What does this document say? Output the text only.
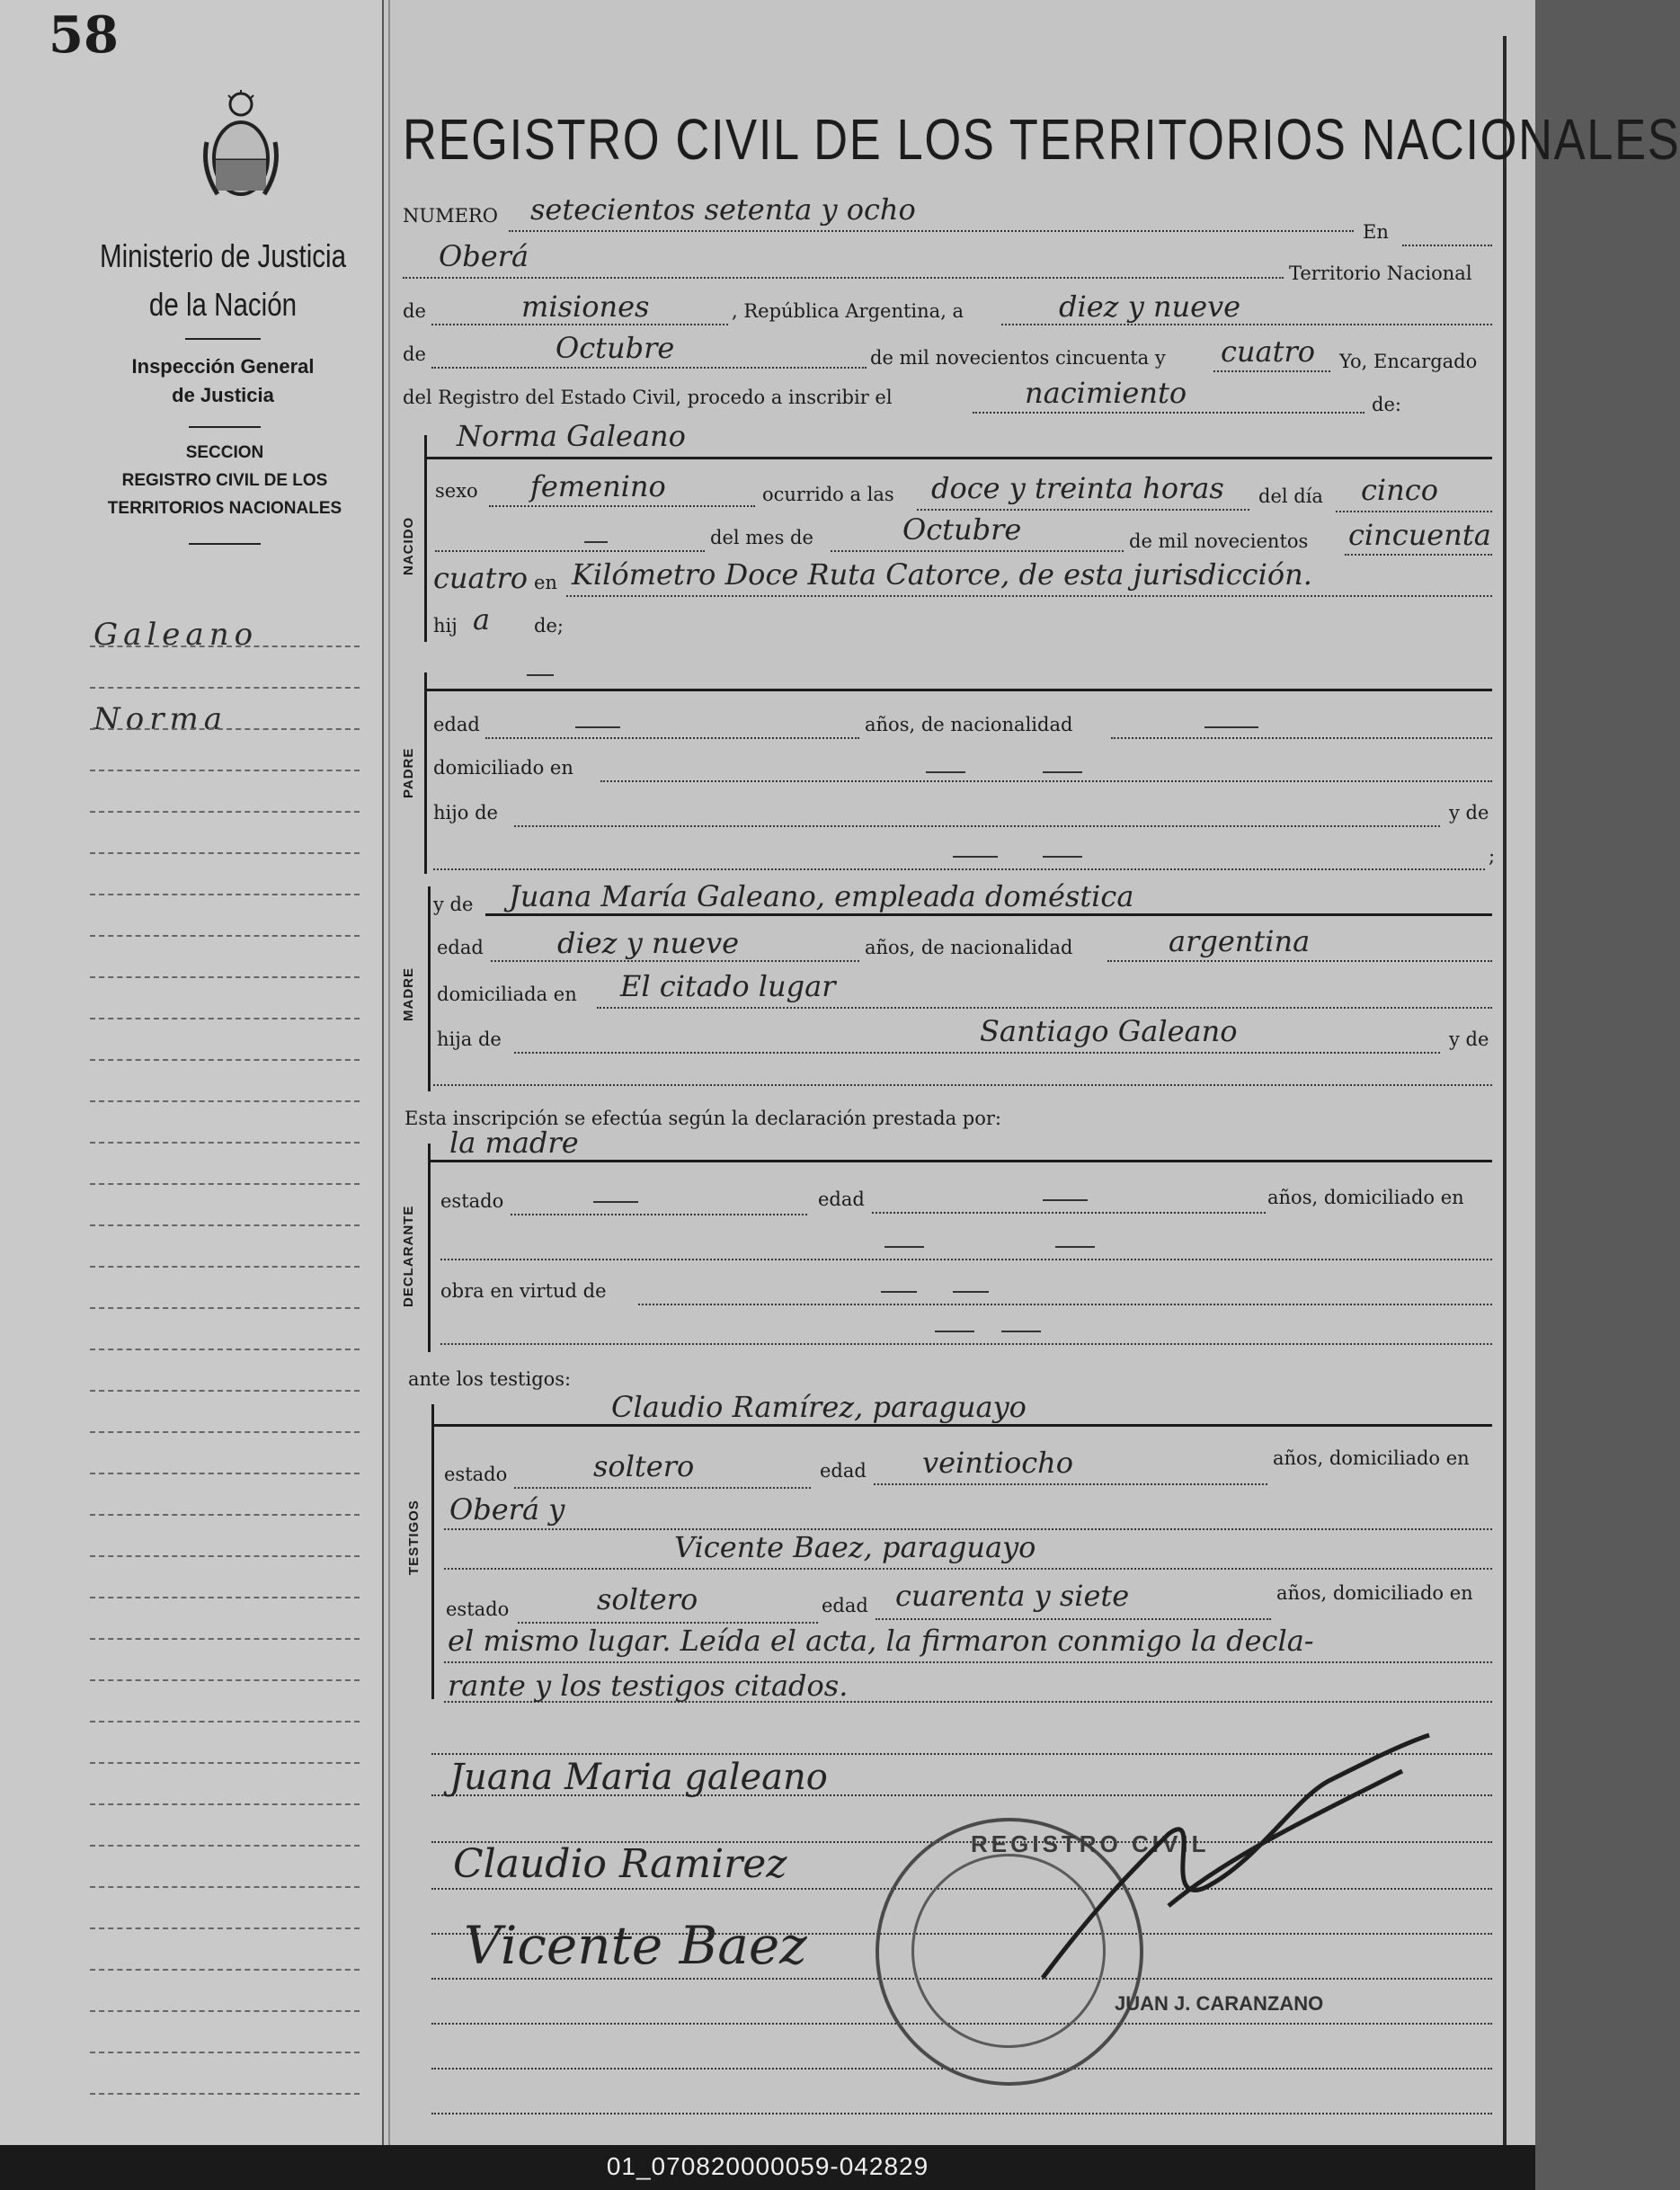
58
Ministerio de Justicia
de la Nación
Inspección General
de Justicia
SECCION
REGISTRO CIVIL DE LOS
TERRITORIOS NACIONALES
Galeano
Norma
REGISTRO CIVIL DE LOS TERRITORIOS NACIONALES
NUMERO setecientos setenta y ocho
En
Oberá	Territorio Nacional
de	misiones	, República Argentina, a	diez y nueve
de	Octubre	de mil novecientos cincuenta y cuatro Yo, Encargado
del Registro del Estado Civil, procedo a inscribir el	nacimiento	de:
Norma Galeano
NACIDO
sexo femenino	ocurrido a las doce y treinta horas del día cinco
del mes de	Octubre	de mil novecientos cincuenta
cuatro en Kilómetro Doce Ruta Catorce, de esta jurisdicción.
hij a de;
PADRE
edad	años, de nacionalidad
domiciliado en
hijo de	y de
;
y de Juana María Galeano, empleada doméstica
MADRE
edad	diez y nueve	años, de nacionalidad	argentina
domiciliada en El citado lugar
hija de	Santiago Galeano	y de
Esta inscripción se efectúa según la declaración prestada por:
la madre
DECLARANTE
estado	edad	años, domiciliado en
obra en virtud de
ante los testigos:
Claudio Ramírez, paraguayo
TESTIGOS
estado	soltero	edad veintiocho	años, domiciliado en
Oberá y
Vicente Baez, paraguayo
estado	soltero	edad cuarenta y siete	años, domiciliado en
el mismo lugar. Leída el acta, la firmaron conmigo la decla-
rante y los testigos citados.
Juana Maria galeano
Claudio Ramirez
Vicente Baez
REGISTRO CIVIL
JUAN J. CARANZANO
01_070820000059-042829
